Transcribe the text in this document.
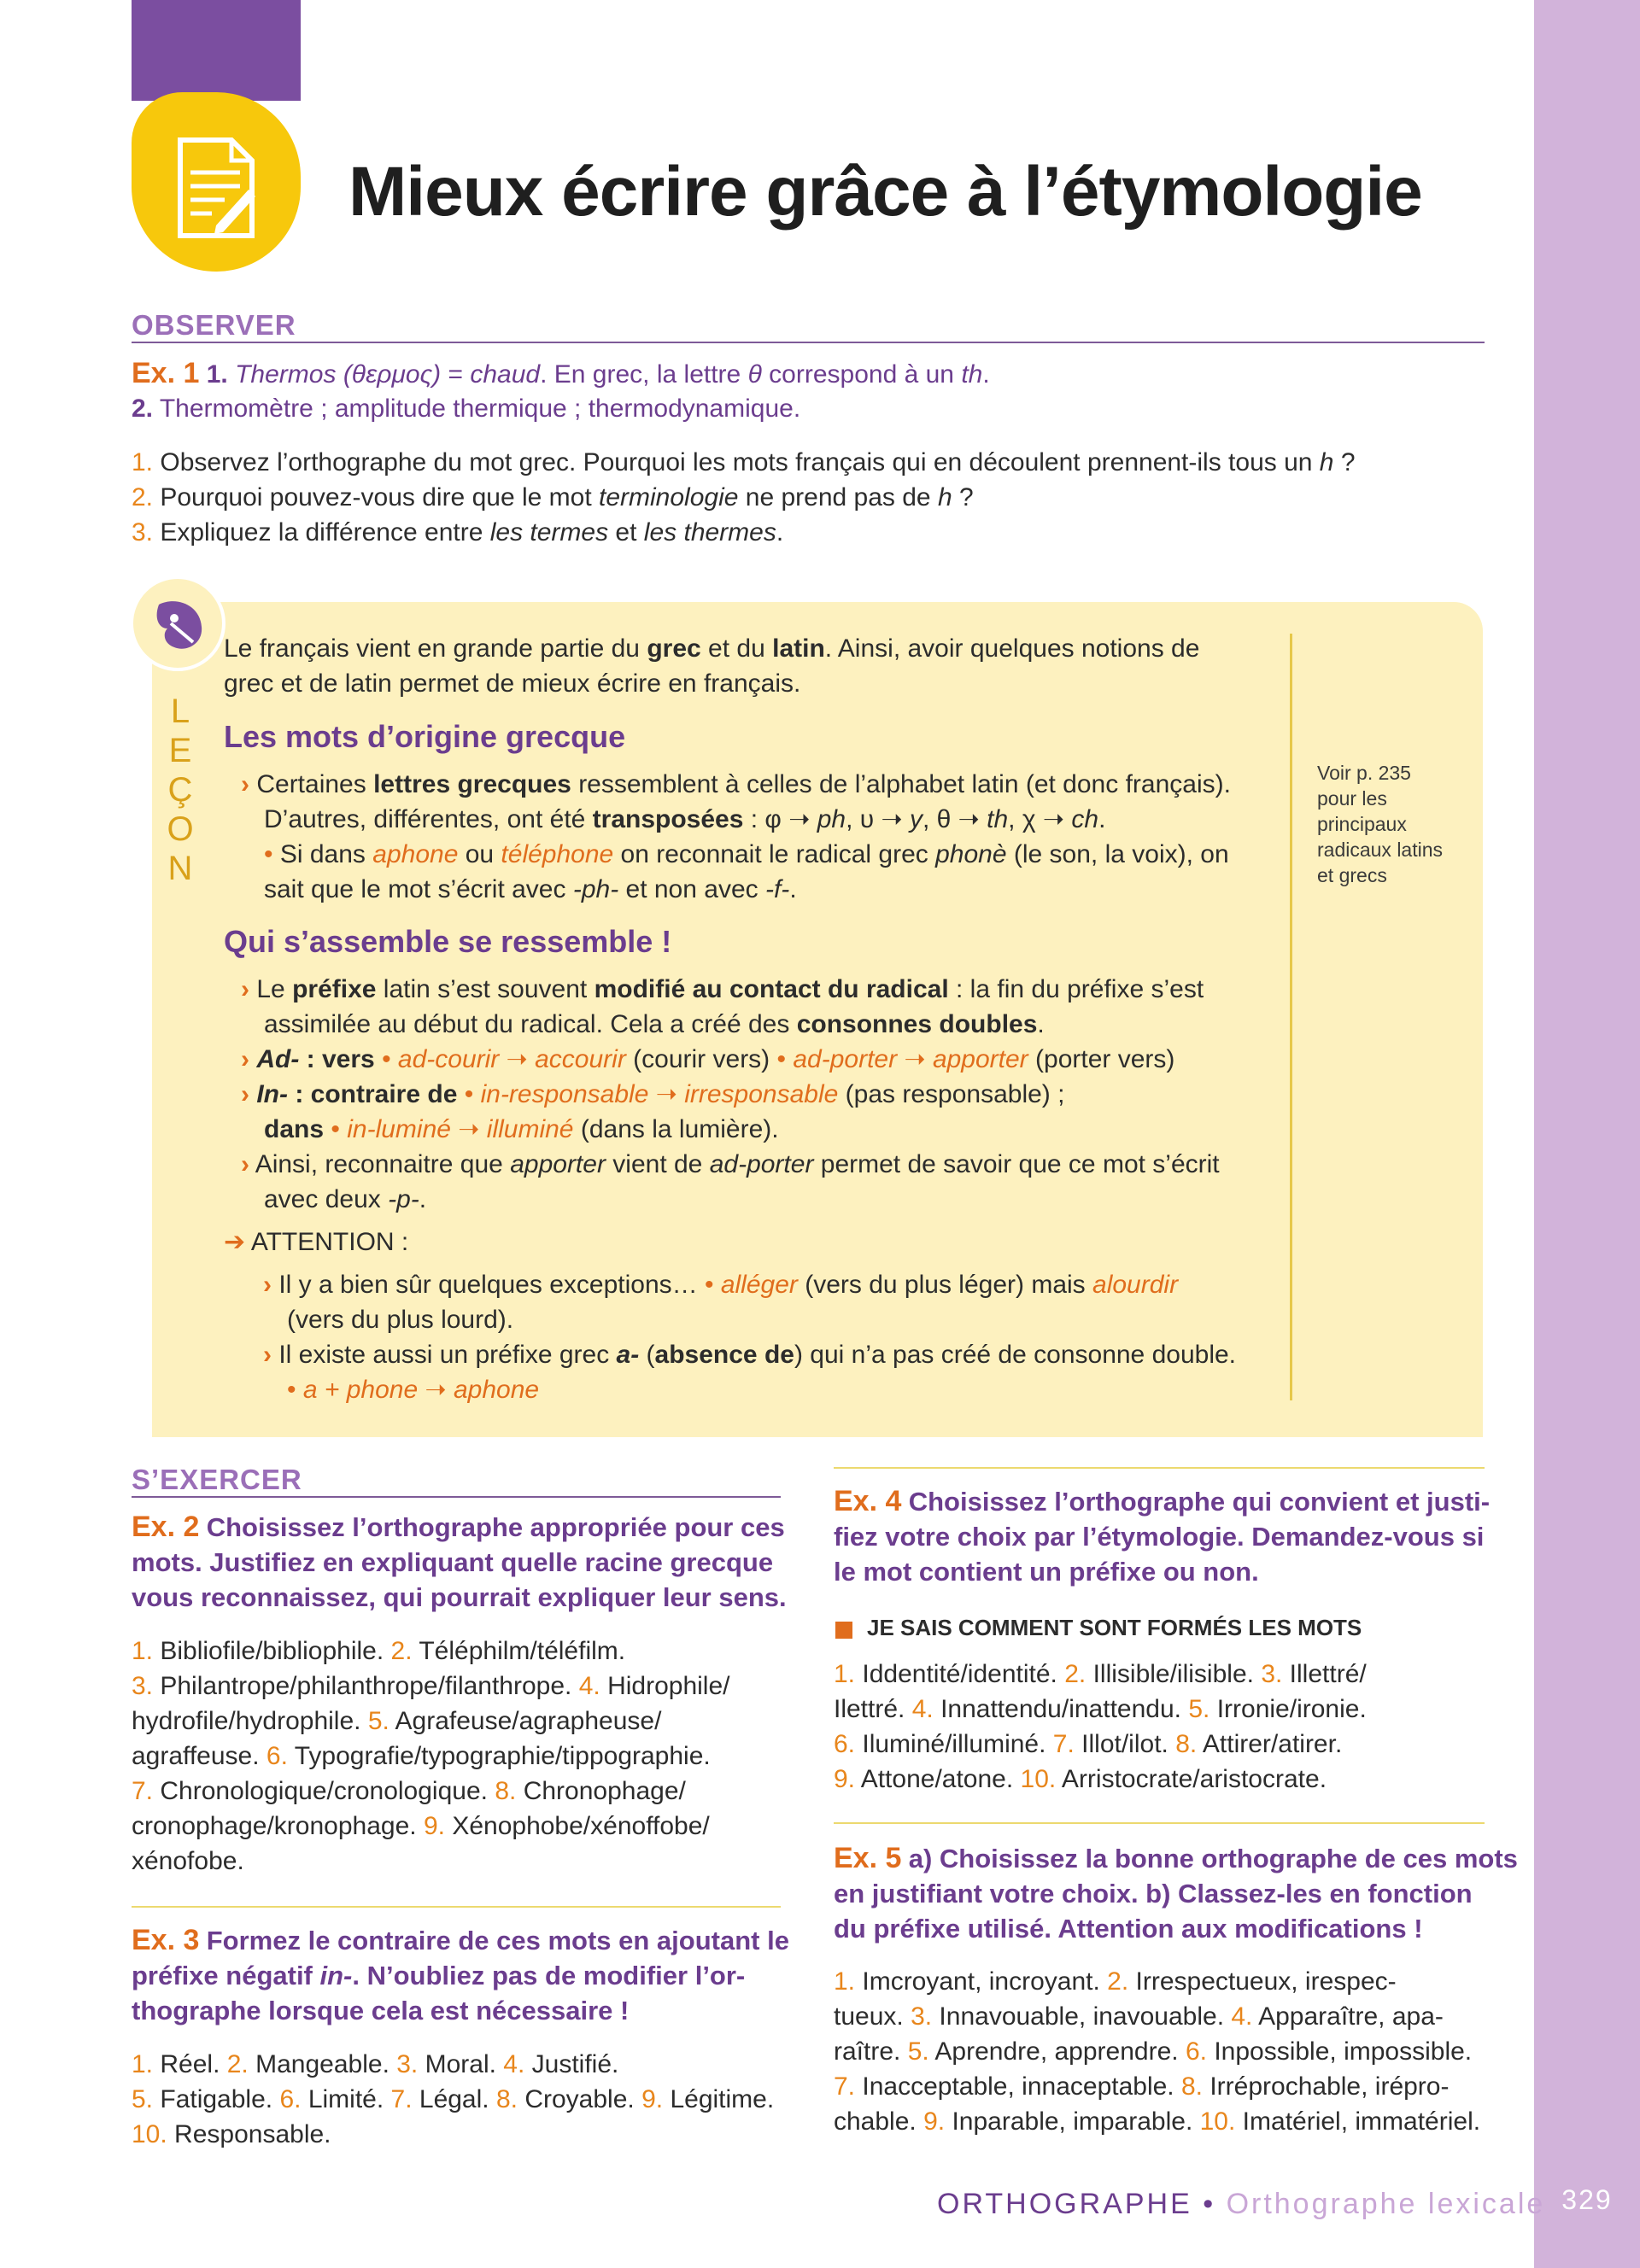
329
Mieux écrire grâce à l’étymologie
OBSERVER
Ex. 1 1. Thermos (θερμος) = chaud. En grec, la lettre θ correspond à un th.
2. Thermomètre ; amplitude thermique ; thermodynamique.
1. Observez l’orthographe du mot grec. Pourquoi les mots français qui en découlent prennent-ils tous un h ?
2. Pourquoi pouvez-vous dire que le mot terminologie ne prend pas de h ?
3. Expliquez la différence entre les termes et les thermes.
LEÇON
Voir p. 235
pour les
principaux
radicaux latins
et grecs
Le français vient en grande partie du grec et du latin. Ainsi, avoir quelques notions de
grec et de latin permet de mieux écrire en français.
Les mots d’origine grecque
› Certaines lettres grecques ressemblent à celles de l’alphabet latin (et donc français).
D’autres, différentes, ont été transposées : φ ➝ ph, υ ➝ y, θ ➝ th, χ ➝ ch.
• Si dans aphone ou téléphone on reconnait le radical grec phonè (le son, la voix), on
sait que le mot s’écrit avec -ph- et non avec -f-.
Qui s’assemble se ressemble !
› Le préfixe latin s’est souvent modifié au contact du radical : la fin du préfixe s’est
assimilée au début du radical. Cela a créé des consonnes doubles.
› Ad- : vers • ad-courir ➝ accourir (courir vers) • ad-porter ➝ apporter (porter vers)
› In- : contraire de • in-responsable ➝ irresponsable (pas responsable) ;
dans • in-luminé ➝ illuminé (dans la lumière).
› Ainsi, reconnaitre que apporter vient de ad-porter permet de savoir que ce mot s’écrit
avec deux -p-.
➔ ATTENTION :
› Il y a bien sûr quelques exceptions… • alléger (vers du plus léger) mais alourdir
(vers du plus lourd).
› Il existe aussi un préfixe grec a- (absence de) qui n’a pas créé de consonne double.
• a + phone ➝ aphone
S’EXERCER
Ex. 2 Choisissez l’orthographe appropriée pour ces
mots. Justifiez en expliquant quelle racine grecque
vous reconnaissez, qui pourrait expliquer leur sens.
1. Bibliofile/bibliophile. 2. Téléphilm/téléfilm.
3. Philantrope/philanthrope/filanthrope. 4. Hidrophile/
hydrofile/hydrophile. 5. Agrafeuse/agrapheuse/
agraffeuse. 6. Typografie/typographie/tippographie.
7. Chronologique/cronologique. 8. Chronophage/
cronophage/kronophage. 9. Xénophobe/xénoffobe/
xénofobe.
Ex. 3 Formez le contraire de ces mots en ajoutant le
préfixe négatif in-. N’oubliez pas de modifier l’or-
thographe lorsque cela est nécessaire !
1. Réel. 2. Mangeable. 3. Moral. 4. Justifié.
5. Fatigable. 6. Limité. 7. Légal. 8. Croyable. 9. Légitime.
10. Responsable.
Ex. 4 Choisissez l’orthographe qui convient et justi-
fiez votre choix par l’étymologie. Demandez-vous si
le mot contient un préfixe ou non.
JE SAIS COMMENT SONT FORMÉS LES MOTS
1. Iddentité/identité. 2. Illisible/ilisible. 3. Illettré/
Ilettré. 4. Innattendu/inattendu. 5. Irronie/ironie.
6. Iluminé/illuminé. 7. Illot/ilot. 8. Attirer/atirer.
9. Attone/atone. 10. Arristocrate/aristocrate.
Ex. 5 a) Choisissez la bonne orthographe de ces mots
en justifiant votre choix. b) Classez-les en fonction
du préfixe utilisé. Attention aux modifications !
1. Imcroyant, incroyant. 2. Irrespectueux, irespec-
tueux. 3. Innavouable, inavouable. 4. Apparaître, apa-
raître. 5. Aprendre, apprendre. 6. Inpossible, impossible.
7. Inacceptable, innaceptable. 8. Irréprochable, irépro-
chable. 9. Inparable, imparable. 10. Imatériel, immatériel.
ORTHOGRAPHE • Orthographe lexicale
